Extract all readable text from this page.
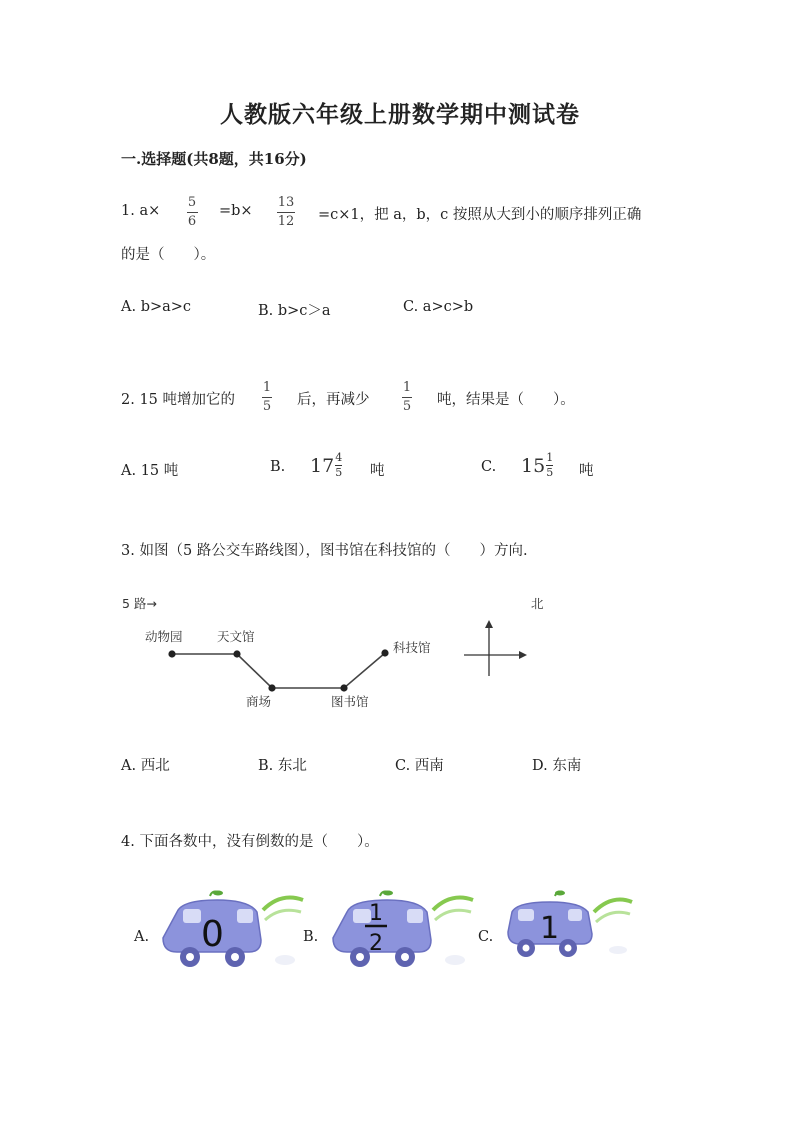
人教版六年级上册数学期中测试卷
一.选择题(共8题，共16分)
1. a×
5
6
=b×
13
12 =c×1，把 a，b，c 按照从大到小的顺序排列正确
的是（　　）。
A. b>a>c	B. b>c＞a	C. a>c>b
2. 15 吨增加它的
1
5 后，再减少
1
5 吨，结果是（　　）。
A. 15 吨	B. $17 \frac{4}{5}$ 吨	C. $15 \frac{1}{5}$ 吨
3. 如图（5 路公交车路线图），图书馆在科技馆的（　　）方向.
5 路→	北
动物园	天文馆
商场	图书馆
科技馆
A. 西北	B. 东北	C. 西南	D. 东南
4. 下面各数中，没有倒数的是（　　）。
A. 0	B.
1
2	C. 1
